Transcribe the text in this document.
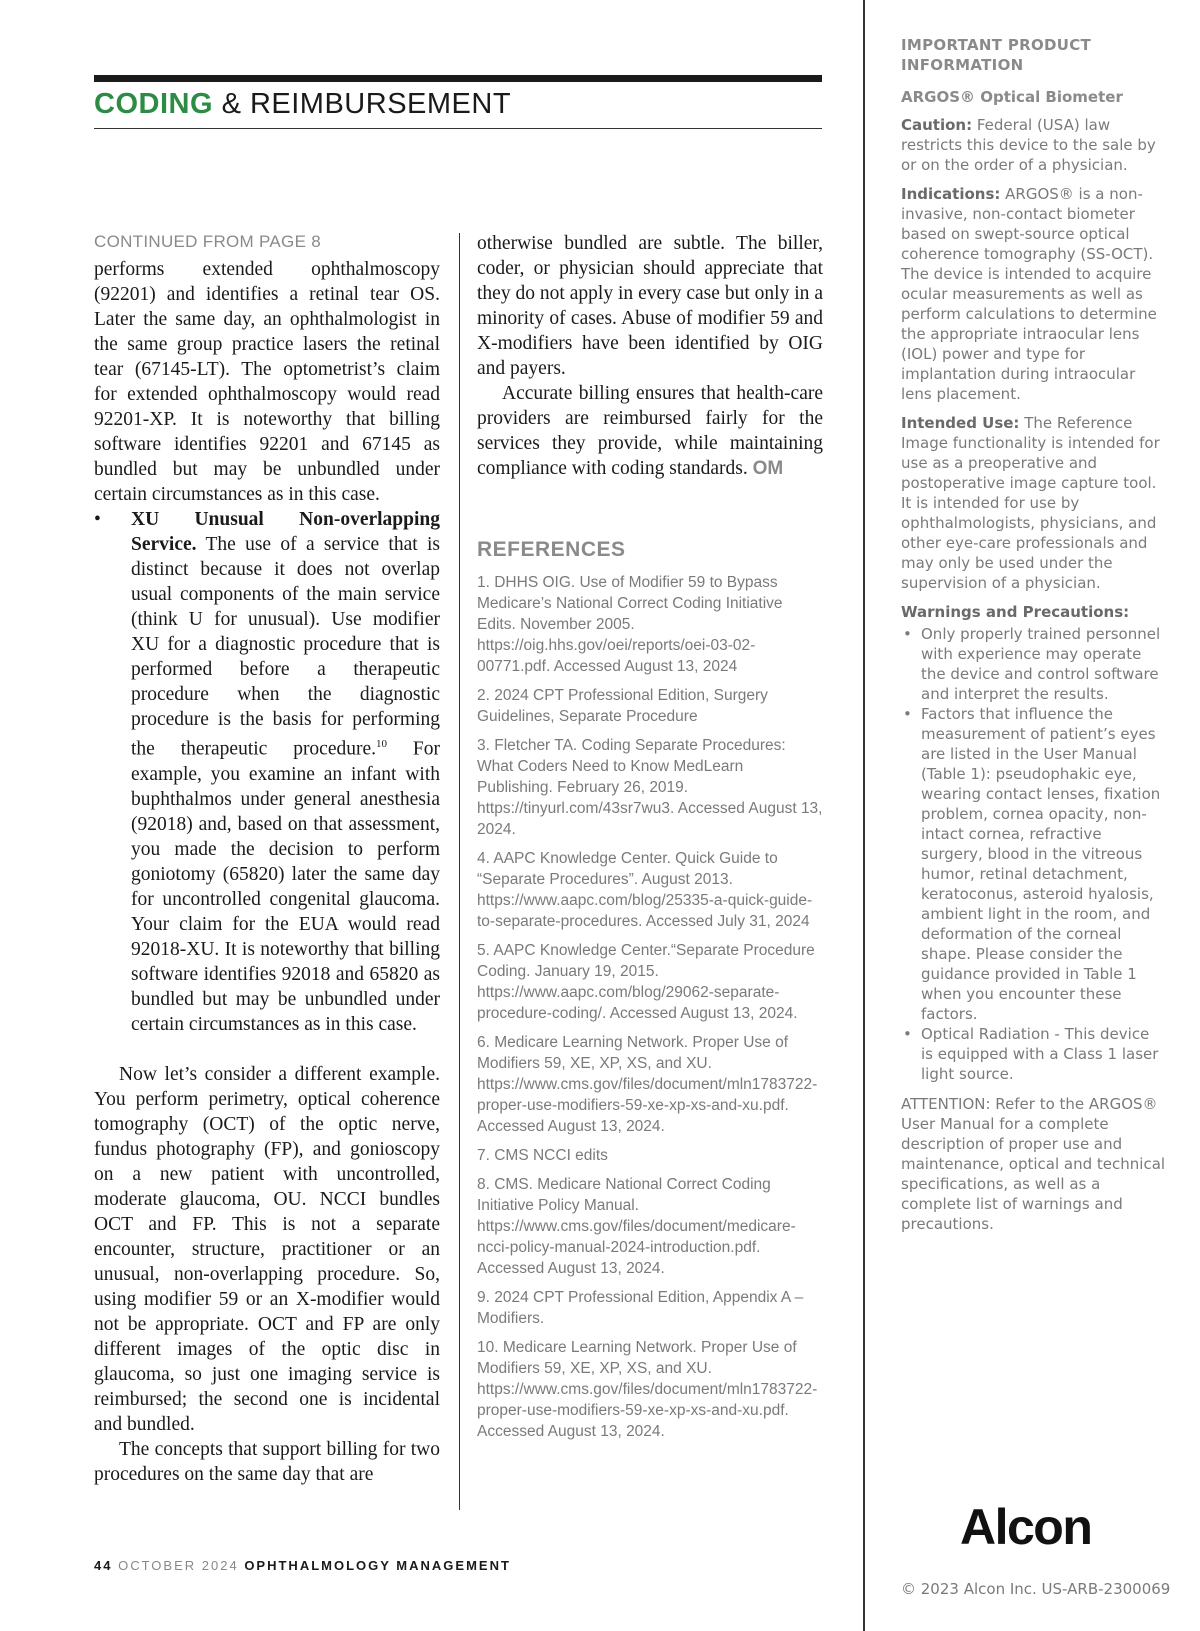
CODING & REIMBURSEMENT
CONTINUED FROM PAGE 8

performs extended ophthalmoscopy (92201) and identifies a retinal tear OS. Later the same day, an ophthalmologist in the same group practice lasers the retinal tear (67145-LT). The optometrist’s claim for extended ophthalmoscopy would read 92201-XP. It is noteworthy that billing software identifies 92201 and 67145 as bundled but may be unbundled under certain circumstances as in this case.

• XU Unusual Non-overlapping Service. The use of a service that is distinct because it does not overlap usual components of the main service (think U for unusual). Use modifier XU for a diagnostic procedure that is performed before a therapeutic procedure when the diagnostic procedure is the basis for performing the therapeutic procedure.$^{10}$ For example, you examine an infant with buphthalmos under general anesthesia (92018) and, based on that assessment, you made the decision to perform goniotomy (65820) later the same day for uncontrolled congenital glaucoma. Your claim for the EUA would read 92018-XU. It is noteworthy that billing software identifies 92018 and 65820 as bundled but may be unbundled under certain circumstances as in this case.

Now let’s consider a different example. You perform perimetry, optical coherence tomography (OCT) of the optic nerve, fundus photography (FP), and gonioscopy on a new patient with uncontrolled, moderate glaucoma, OU. NCCI bundles OCT and FP. This is not a separate encounter, structure, practitioner or an unusual, non-overlapping procedure. So, using modifier 59 or an X-modifier would not be appropriate. OCT and FP are only different images of the optic disc in glaucoma, so just one imaging service is reimbursed; the second one is incidental and bundled.

The concepts that support billing for two procedures on the same day that are

otherwise bundled are subtle. The biller, coder, or physician should appreciate that they do not apply in every case but only in a minority of cases. Abuse of modifier 59 and X-modifiers have been identified by OIG and payers.

Accurate billing ensures that health-care providers are reimbursed fairly for the services they provide, while maintaining compliance with coding standards. OM

REFERENCES
1. DHHS OIG. Use of Modifier 59 to Bypass Medicare’s National Correct Coding Initiative Edits. November 2005. https://oig.hhs.gov/oei/reports/oei-03-02-00771.pdf. Accessed August 13, 2024
2. 2024 CPT Professional Edition, Surgery Guidelines, Separate Procedure
3. Fletcher TA. Coding Separate Procedures: What Coders Need to Know MedLearn Publishing. February 26, 2019. https://tinyurl.com/43sr7wu3. Accessed August 13, 2024.
4. AAPC Knowledge Center. Quick Guide to “Separate Procedures”. August 2013. https://www.aapc.com/blog/25335-a-quick-guide-to-separate-procedures. Accessed July 31, 2024
5. AAPC Knowledge Center.“Separate Procedure Coding. January 19, 2015. https://www.aapc.com/blog/29062-separate-procedure-coding/. Accessed August 13, 2024.
6. Medicare Learning Network. Proper Use of Modifiers 59, XE, XP, XS, and XU. https://www.cms.gov/files/document/mln1783722-proper-use-modifiers-59-xe-xp-xs-and-xu.pdf. Accessed August 13, 2024.
7. CMS NCCI edits
8. CMS. Medicare National Correct Coding Initiative Policy Manual. https://www.cms.gov/files/document/medicare-ncci-policy-manual-2024-introduction.pdf. Accessed August 13, 2024.
9. 2024 CPT Professional Edition, Appendix A – Modifiers.
10. Medicare Learning Network. Proper Use of Modifiers 59, XE, XP, XS, and XU. https://www.cms.gov/files/document/mln1783722-proper-use-modifiers-59-xe-xp-xs-and-xu.pdf. Accessed August 13, 2024.
44 OCTOBER 2024 OPHTHALMOLOGY MANAGEMENT

IMPORTANT PRODUCT INFORMATION

ARGOS® Optical Biometer

Caution: Federal (USA) law restricts this device to the sale by or on the order of a physician.

Indications: ARGOS® is a non-invasive, non-contact biometer based on swept-source optical coherence tomography (SS-OCT). The device is intended to acquire ocular measurements as well as perform calculations to determine the appropriate intraocular lens (IOL) power and type for implantation during intraocular lens placement.

Intended Use: The Reference Image functionality is intended for use as a preoperative and postoperative image capture tool. It is intended for use by ophthalmologists, physicians, and other eye-care professionals and may only be used under the supervision of a physician.

Warnings and Precautions:

• Only properly trained personnel with experience may operate the device and control software and interpret the results.
• Factors that influence the measurement of patient’s eyes are listed in the User Manual (Table 1): pseudophakic eye, wearing contact lenses, fixation problem, cornea opacity, non-intact cornea, refractive surgery, blood in the vitreous humor, retinal detachment, keratoconus, asteroid hyalosis, ambient light in the room, and deformation of the corneal shape. Please consider the guidance provided in Table 1 when you encounter these factors.
• Optical Radiation - This device is equipped with a Class 1 laser light source.

ATTENTION: Refer to the ARGOS® User Manual for a complete description of proper use and maintenance, optical and technical specifications, as well as a complete list of warnings and precautions.

Alcon
© 2023 Alcon Inc. US-ARB-2300069
